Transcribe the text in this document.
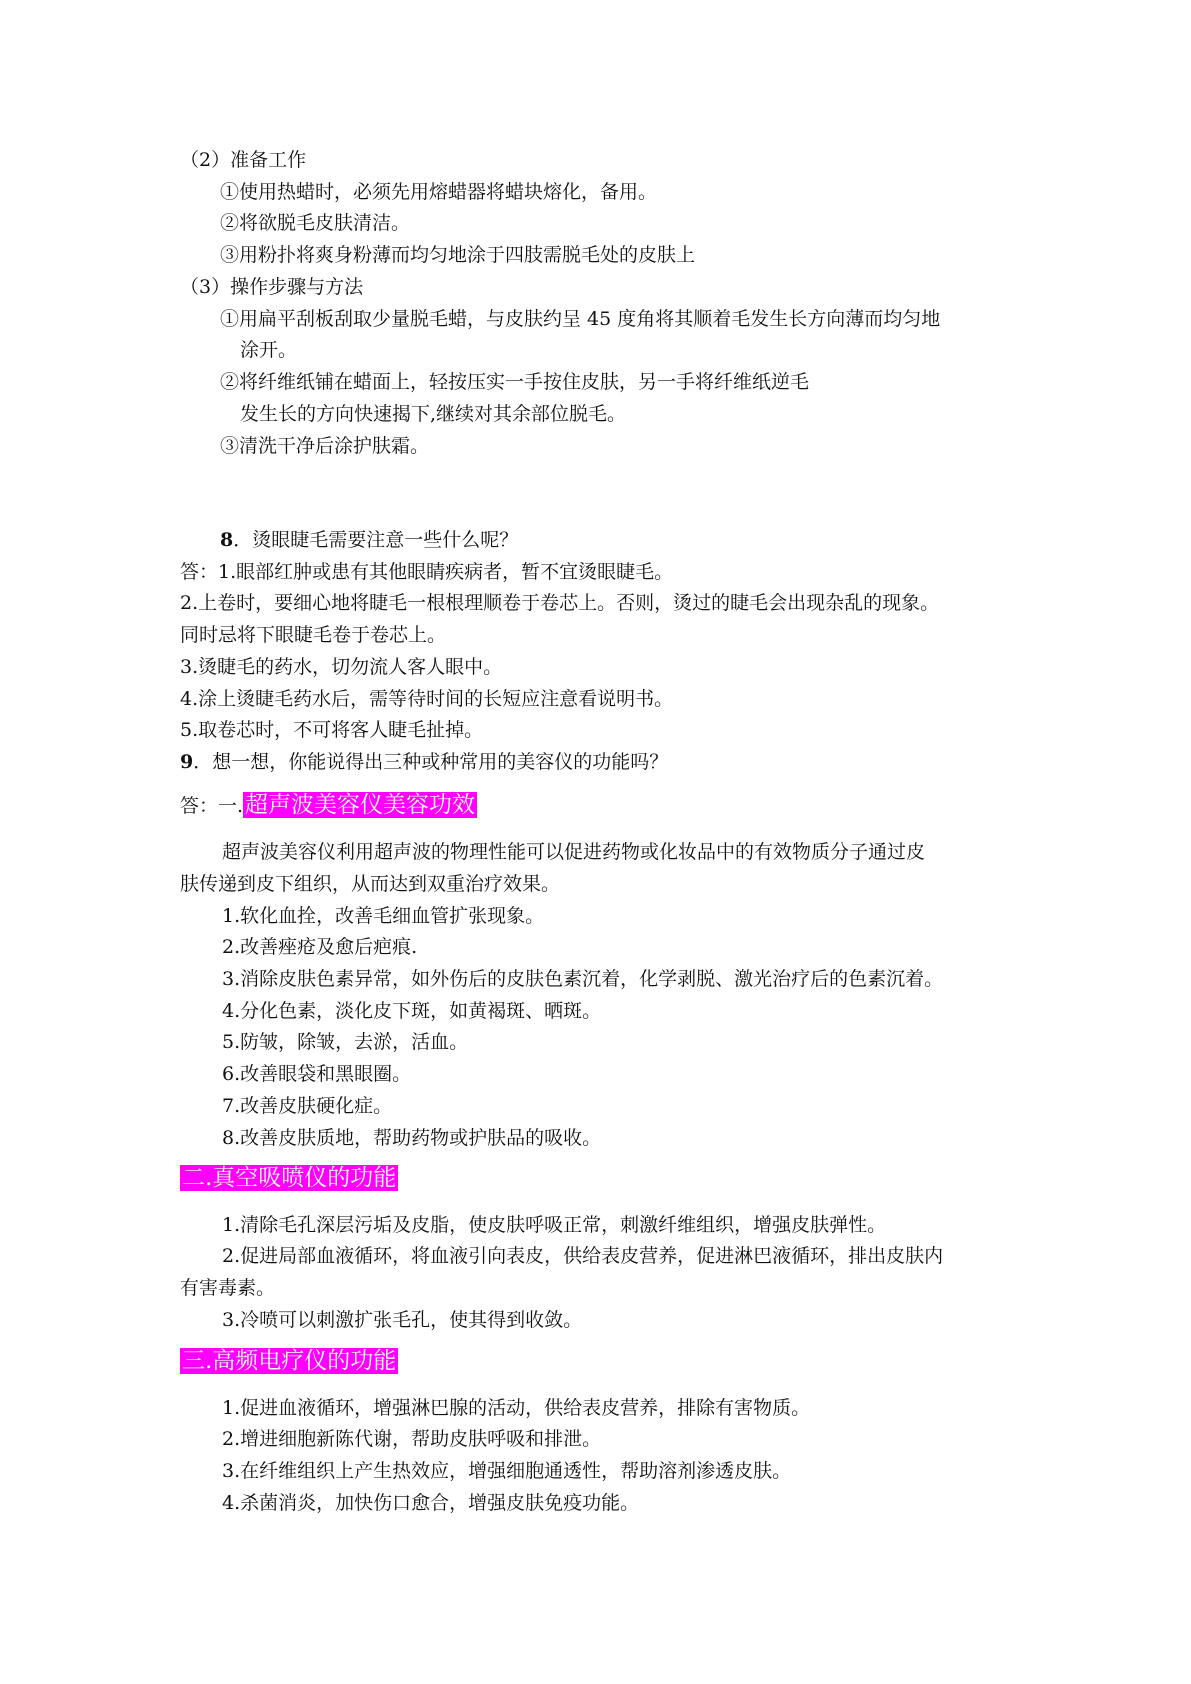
（2）准备工作
①使用热蜡时，必须先用熔蜡器将蜡块熔化，备用。
②将欲脱毛皮肤清洁。
③用粉扑将爽身粉薄而均匀地涂于四肢需脱毛处的皮肤上
（3）操作步骤与方法
①用扁平刮板刮取少量脱毛蜡，与皮肤约呈 45 度角将其顺着毛发生长方向薄而均匀地
涂开。
②将纤维纸铺在蜡面上，轻按压实一手按住皮肤，另一手将纤维纸逆毛
发生长的方向快速揭下,继续对其余部位脱毛。
③清洗干净后涂护肤霜。
8．烫眼睫毛需要注意一些什么呢？
答：1.眼部红肿或患有其他眼睛疾病者，暂不宜烫眼睫毛。
2.上卷时，要细心地将睫毛一根根理顺卷于卷芯上。否则，烫过的睫毛会出现杂乱的现象。
同时忌将下眼睫毛卷于卷芯上。
3.烫睫毛的药水，切勿流人客人眼中。
4.涂上烫睫毛药水后，需等待时间的长短应注意看说明书。
5.取卷芯时，不可将客人睫毛扯掉。
9．想一想，你能说得出三种或种常用的美容仪的功能吗？
答：一.超声波美容仪美容功效
超声波美容仪利用超声波的物理性能可以促进药物或化妆品中的有效物质分子通过皮
肤传递到皮下组织，从而达到双重治疗效果。
1.软化血拴，改善毛细血管扩张现象。
2.改善痤疮及愈后疤痕.
3.消除皮肤色素异常，如外伤后的皮肤色素沉着，化学剥脱、激光治疗后的色素沉着。
4.分化色素，淡化皮下斑，如黄褐斑、晒斑。
5.防皱，除皱，去淤，活血。
6.改善眼袋和黑眼圈。
7.改善皮肤硬化症。
8.改善皮肤质地，帮助药物或护肤品的吸收。
二.真空吸喷仪的功能
1.清除毛孔深层污垢及皮脂，使皮肤呼吸正常，刺激纤维组织，增强皮肤弹性。
2.促进局部血液循环，将血液引向表皮，供给表皮营养，促进淋巴液循环，排出皮肤内
有害毒素。
3.冷喷可以刺激扩张毛孔，使其得到收敛。
三.高频电疗仪的功能
1.促进血液循环，增强淋巴腺的活动，供给表皮营养，排除有害物质。
2.增进细胞新陈代谢，帮助皮肤呼吸和排泄。
3.在纤维组织上产生热效应，增强细胞通透性，帮助溶剂渗透皮肤。
4.杀菌消炎，加快伤口愈合，增强皮肤免疫功能。
